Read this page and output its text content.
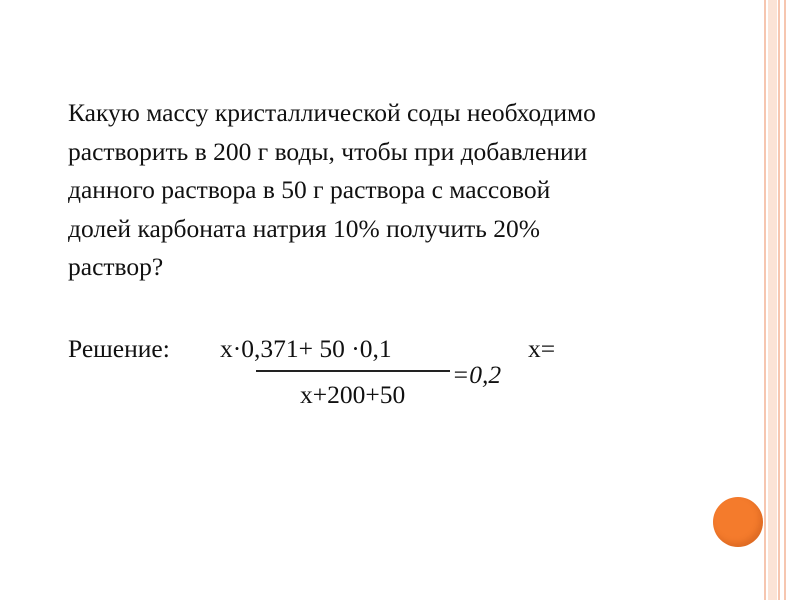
Какую массу кристаллической соды необходимо
растворить в 200 г воды, чтобы при добавлении
данного раствора в 50 г раствора с массовой
долей карбоната натрия 10% получить 20%
раствор?

Решение: х·0,371+ 50 ·0,1
х+200+50
=0,2
х=
